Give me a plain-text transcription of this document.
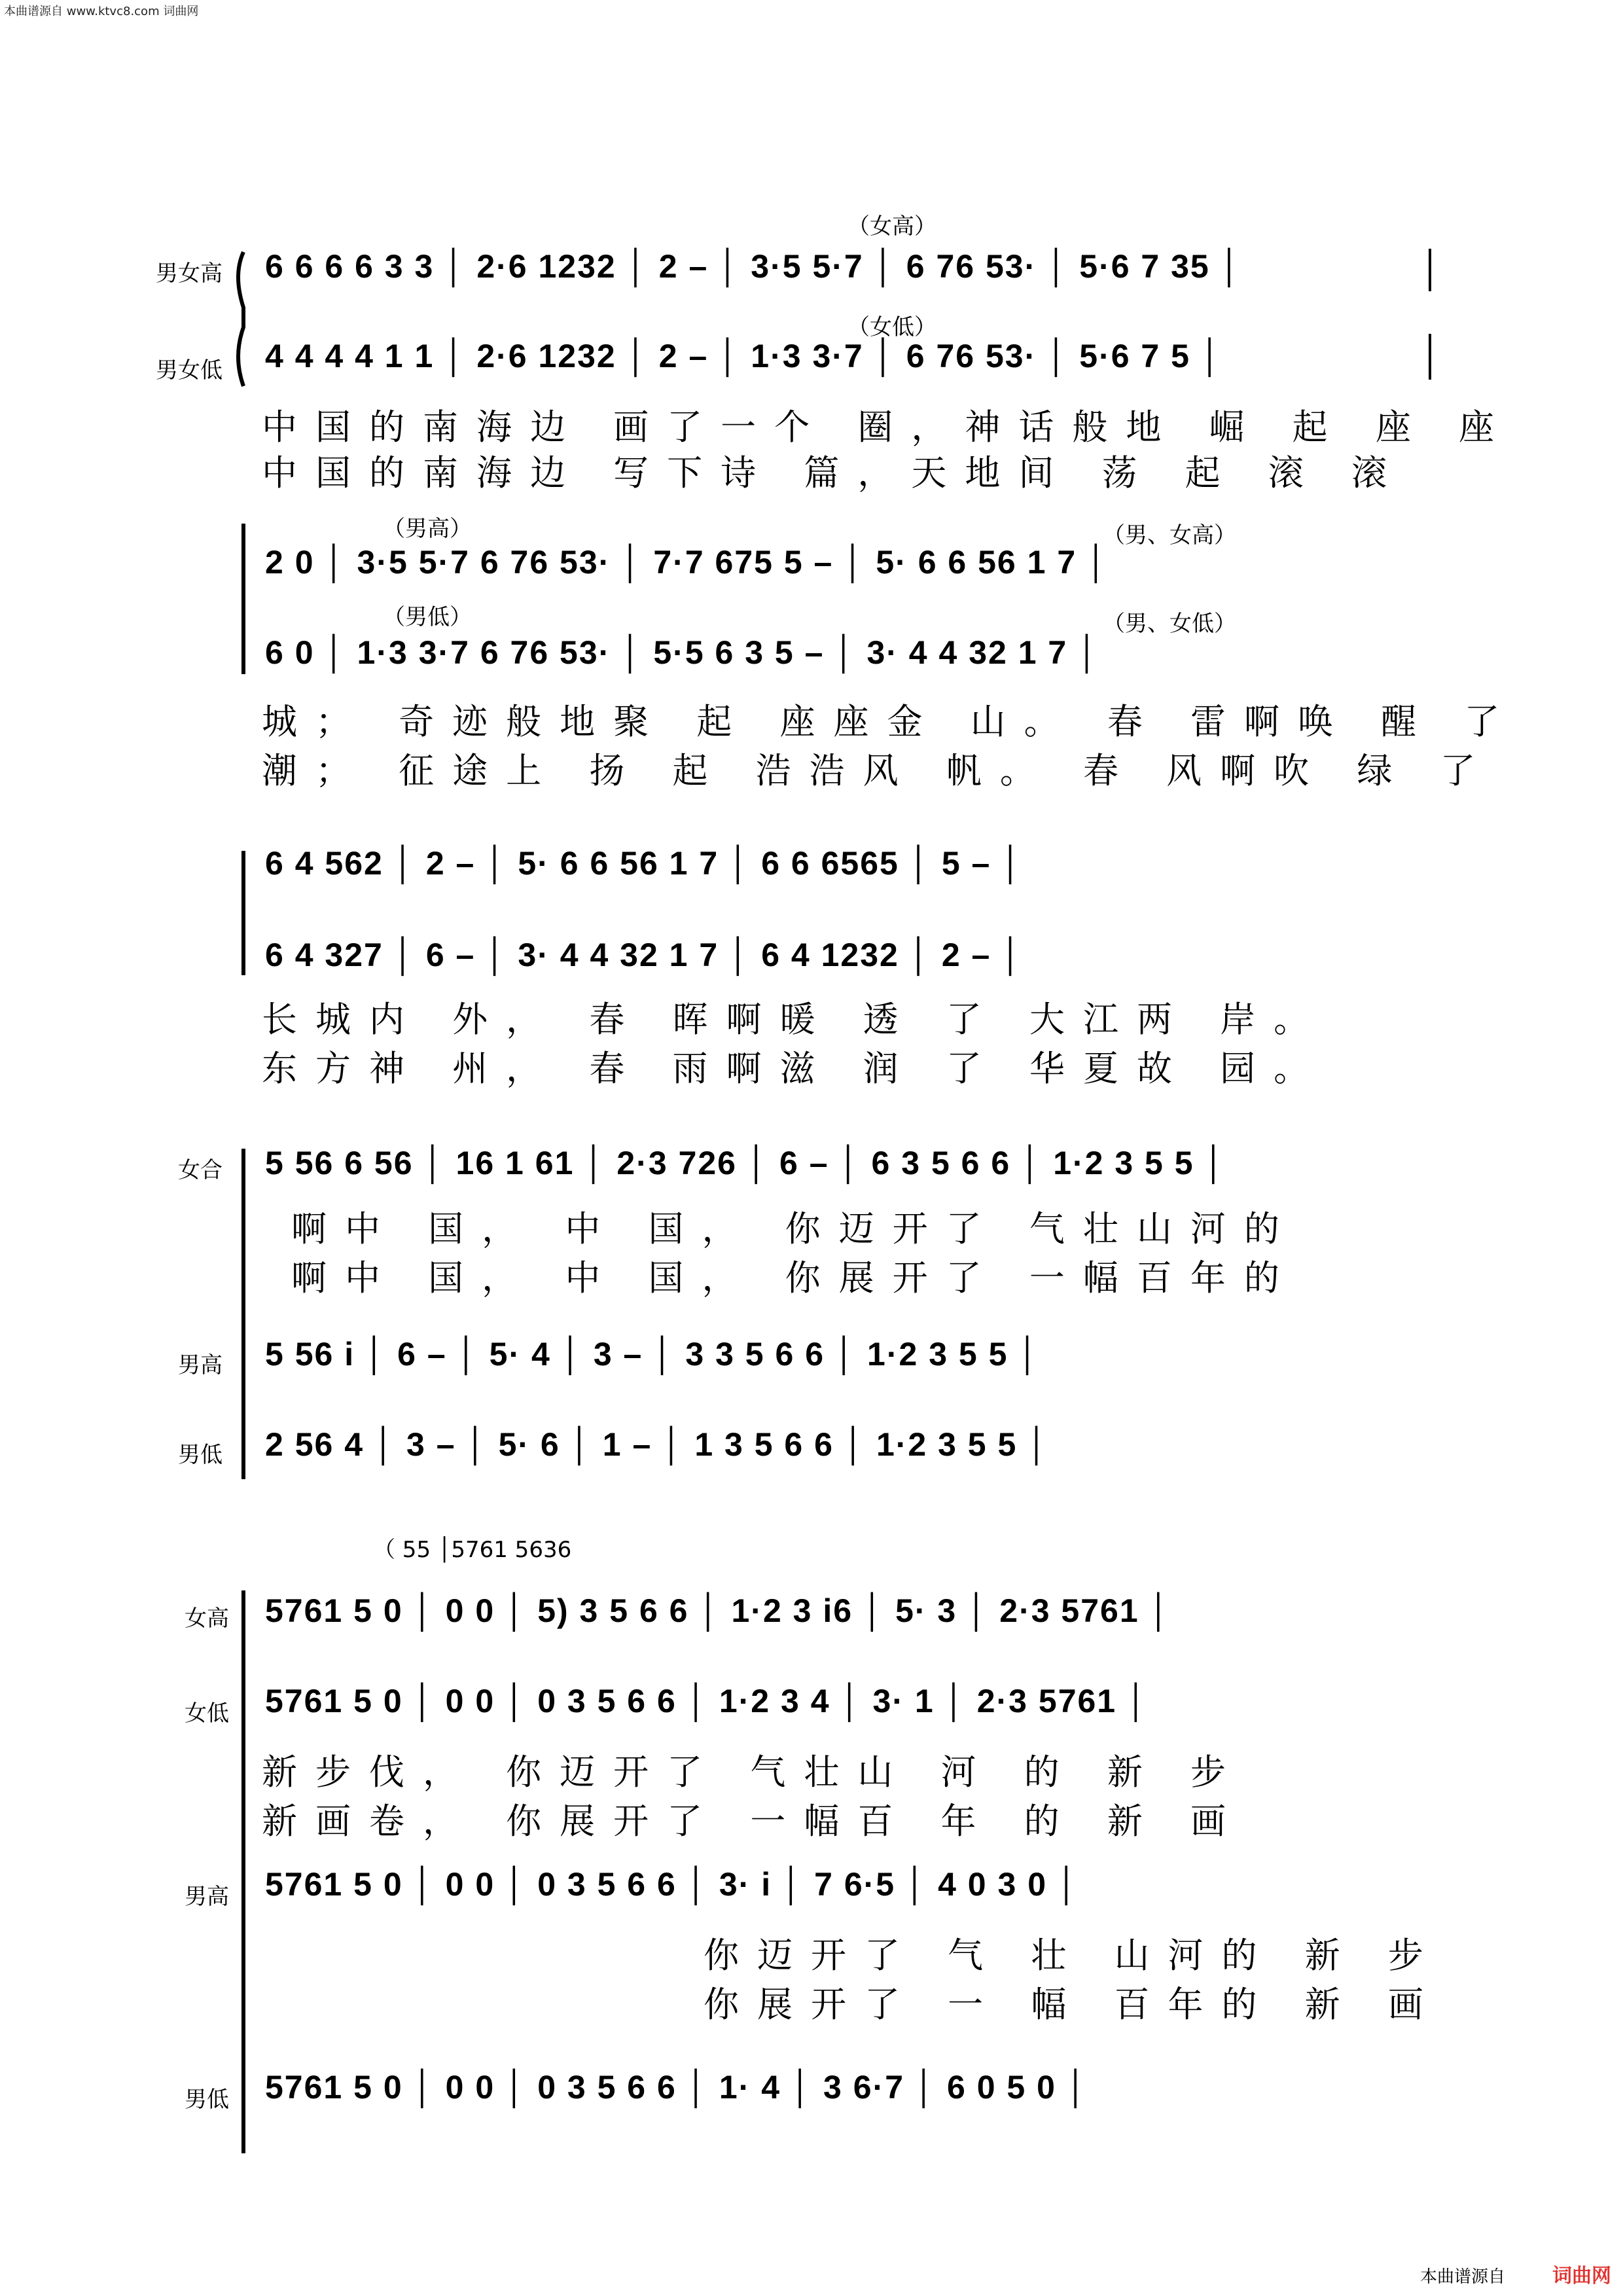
本曲谱源自 www.ktvc8.com 词曲网
本曲谱源自 词曲网
男女高
男女低
（女高）
（女低）
6 6 6 6 3 3 │ 2·6 1232 │ 2 – │ 3·5 5·7 │ 6 76 53· │ 5·6 7 35 │
4 4 4 4 1 1 │ 2·6 1232 │ 2 – │ 1·3 3·7 │ 6 76 53· │ 5·6 7 5 │
中国的南海边 画了一个 圈，神话般地 崛 起 座 座
中国的南海边 写下诗 篇，天地间 荡 起 滚 滚
（男高）	（男、女高）
（男低）	（男、女低）
2 0 │ 3·5 5·7 6 76 53· │ 7·7 675 5 – │ 5· 6 6 56 1 7 │
6 0 │ 1·3 3·7 6 76 53· │ 5·5 6 3 5 – │ 3· 4 4 32 1 7 │
城； 奇迹般地聚 起 座座金 山。 春 雷啊唤 醒 了
潮； 征途上 扬 起 浩浩风 帆。 春 风啊吹 绿 了
6 4 562 │ 2 – │ 5· 6 6 56 1 7 │ 6 6 6565 │ 5 – │
6 4 327 │ 6 – │ 3· 4 4 32 1 7 │ 6 4 1232 │ 2 – │
长城内 外， 春 晖啊暖 透 了 大江两 岸。
东方神 州， 春 雨啊滋 润 了 华夏故 园。
女合
男高
男低
5 56 6 56 │ 16 1 61 │ 2·3 726 │ 6 – │ 6 3 5 6 6 │ 1·2 3 5 5 │
啊中 国， 中 国， 你迈开了 气壮山河的
啊中 国， 中 国， 你展开了 一幅百年的
5 56 i │ 6 – │ 5· 4 │ 3 – │ 3 3 5 6 6 │ 1·2 3 5 5 │
2 56 4 │ 3 – │ 5· 6 │ 1 – │ 1 3 5 6 6 │ 1·2 3 5 5 │
（ 55 │5761 5636
女高
女低
男高
男低
5761 5 0 │ 0 0 │ 5) 3 5 6 6 │ 1·2 3 i6 │ 5· 3 │ 2·3 5761 │
5761 5 0 │ 0 0 │ 0 3 5 6 6 │ 1·2 3 4 │ 3· 1 │ 2·3 5761 │
新步伐， 你迈开了 气壮山 河 的 新 步
新画卷， 你展开了 一幅百 年 的 新 画
5761 5 0 │ 0 0 │ 0 3 5 6 6 │ 3· i │ 7 6·5 │ 4 0 3 0 │
你迈开了 气 壮 山河的 新 步
你展开了 一 幅 百年的 新 画
5761 5 0 │ 0 0 │ 0 3 5 6 6 │ 1· 4 │ 3 6·7 │ 6 0 5 0 │
